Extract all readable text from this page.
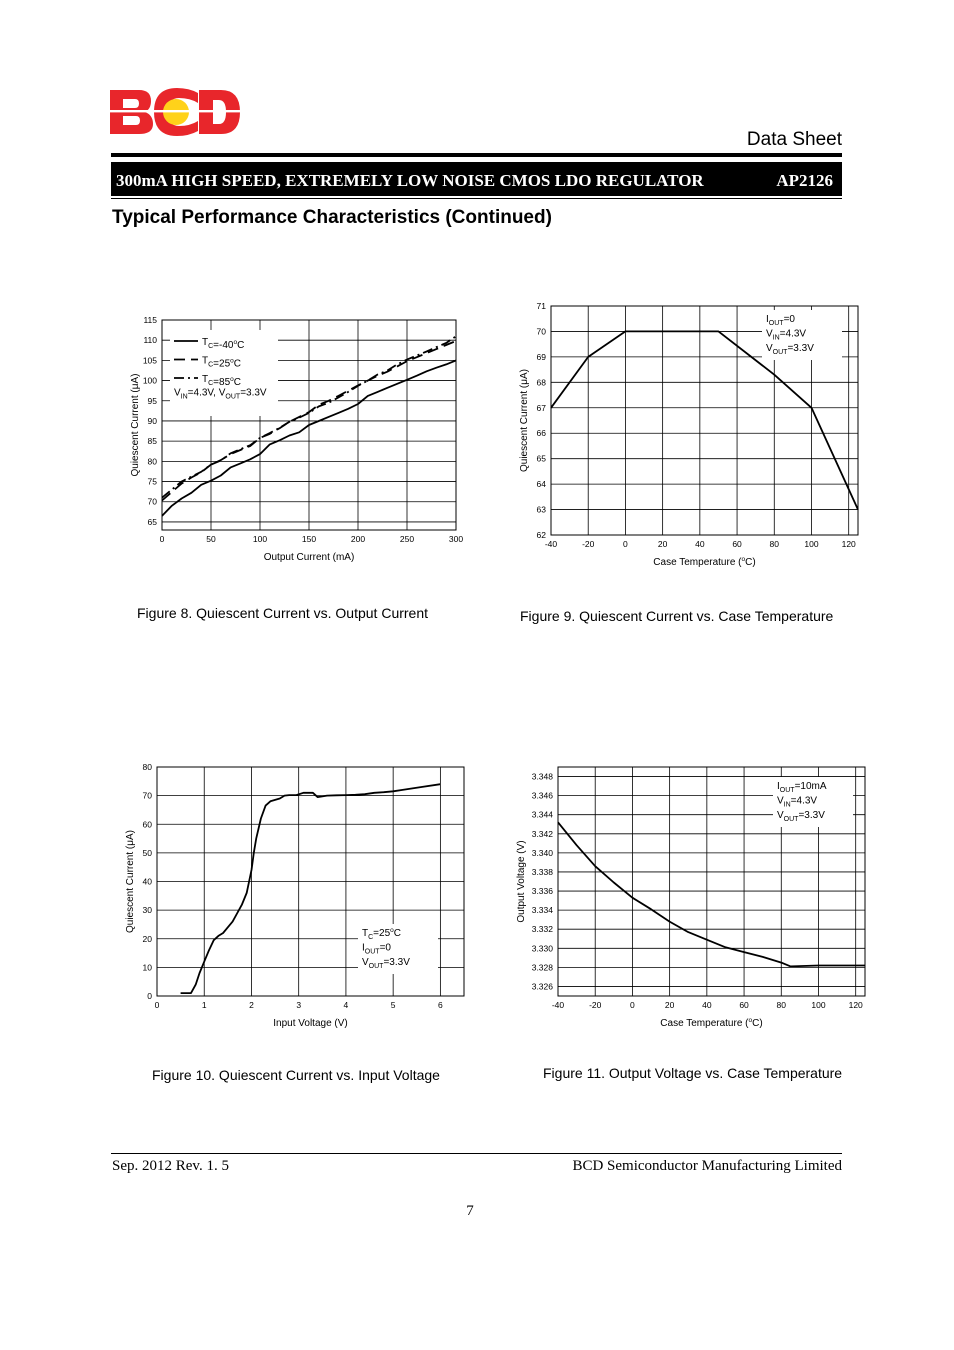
Data Sheet
300mA HIGH SPEED, EXTREMELY LOW NOISE CMOS LDO REGULATOR	AP2126
Typical Performance Characteristics (Continued)
0	50	100	150	200	250	300
65
70
75
80
85
90
95
100
105
110
115
Output Current (mA)
Quiescent Current (μA)
$T_C=-40^oC$
$T_C=25^oC$
$T_C=85^oC$
$V_{IN}=4.3V$, $V_{OUT}=3.3V$
-40	-20	0	20	40	60	80	100	120
62
63
64
65
66
67
68
69
70
71
Case Temperature ($^o$C)
Quiescent Current (μA)
$I_{OUT}=0$
$V_{IN}=4.3V$
$V_{OUT}=3.3V$
0	1	2	3	4	5	6
0
10
20
30
40
50
60
70
80
Input Voltage (V)
Quiescent Current (μA)
$T_C=25^oC$
$I_{OUT}=0$
$V_{OUT}=3.3V$
-40	-20	0	20	40	60	80	100	120
3.326
3.328
3.330
3.332
3.334
3.336
3.338
3.340
3.342
3.344
3.346
3.348
Case Temperature ($^o$C)
Output Voltage (V)
$I_{OUT}=10mA$
$V_{IN}=4.3V$
$V_{OUT}=3.3V$
Figure 8. Quiescent Current vs. Output Current	Figure 9. Quiescent Current vs. Case Temperature
Figure 10. Quiescent Current vs. Input Voltage	Figure 11. Output Voltage vs. Case Temperature
Sep. 2012 Rev. 1. 5	BCD Semiconductor Manufacturing Limited
7
